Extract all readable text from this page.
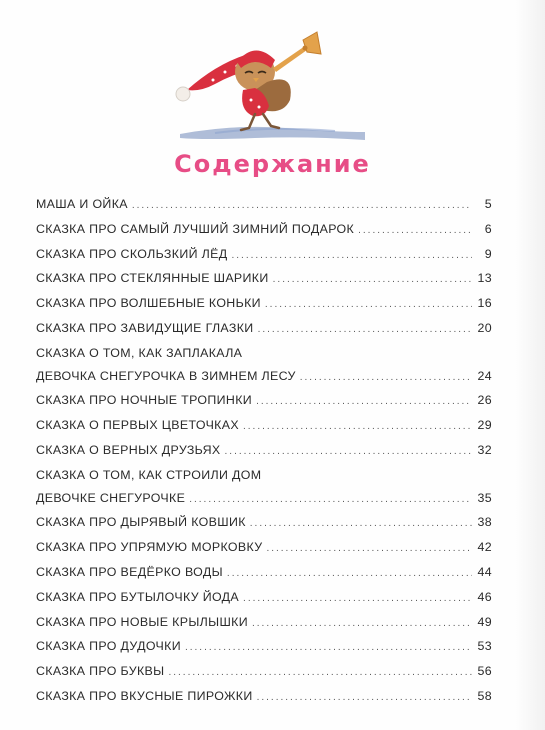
Содержание
МАША И ОЙКА .....	5
СКАЗКА ПРО САМЫЙ ЛУЧШИЙ ЗИМНИЙ ПОДАРОК .....	6
СКАЗКА ПРО СКОЛЬЗКИЙ ЛЁД .....	9
СКАЗКА ПРО СТЕКЛЯННЫЕ ШАРИКИ .....	13
СКАЗКА ПРО ВОЛШЕБНЫЕ КОНЬКИ .....	16
СКАЗКА ПРО ЗАВИДУЩИЕ ГЛАЗКИ .....	20
СКАЗКА О ТОМ, КАК ЗАПЛАКАЛА
ДЕВОЧКА СНЕГУРОЧКА В ЗИМНЕМ ЛЕСУ .....	24
СКАЗКА ПРО НОЧНЫЕ ТРОПИНКИ .....	26
СКАЗКА О ПЕРВЫХ ЦВЕТОЧКАХ .....	29
СКАЗКА О ВЕРНЫХ ДРУЗЬЯХ .....	32
СКАЗКА О ТОМ, КАК СТРОИЛИ ДОМ
ДЕВОЧКЕ СНЕГУРОЧКЕ .....	35
СКАЗКА ПРО ДЫРЯВЫЙ КОВШИК .....	38
СКАЗКА ПРО УПРЯМУЮ МОРКОВКУ .....	42
СКАЗКА ПРО ВЕДЁРКО ВОДЫ .....	44
СКАЗКА ПРО БУТЫЛОЧКУ ЙОДА .....	46
СКАЗКА ПРО НОВЫЕ КРЫЛЫШКИ .....	49
СКАЗКА ПРО ДУДОЧКИ .....	53
СКАЗКА ПРО БУКВЫ .....	56
СКАЗКА ПРО ВКУСНЫЕ ПИРОЖКИ .....	58
